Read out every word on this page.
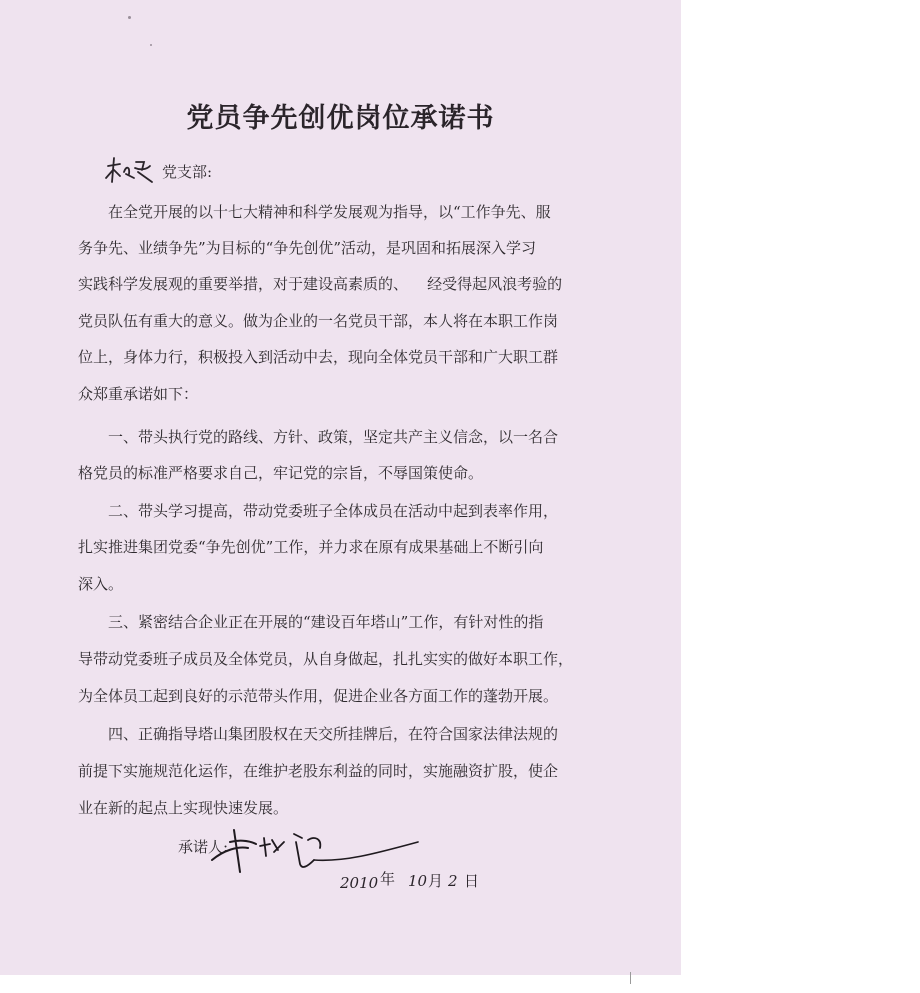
党员争先创优岗位承诺书
党支部:
在全党开展的以十七大精神和科学发展观为指导，以“工作争先、服
务争先、业绩争先”为目标的“争先创优”活动，是巩固和拓展深入学习
实践科学发展观的重要举措，对于建设高素质的、    经受得起风浪考验的
党员队伍有重大的意义。做为企业的一名党员干部，本人将在本职工作岗
位上，身体力行，积极投入到活动中去，现向全体党员干部和广大职工群
众郑重承诺如下：
一、带头执行党的路线、方针、政策，坚定共产主义信念，以一名合
格党员的标准严格要求自己，牢记党的宗旨，不辱国策使命。
二、带头学习提高，带动党委班子全体成员在活动中起到表率作用，
扎实推进集团党委“争先创优”工作，并力求在原有成果基础上不断引向
深入。
三、紧密结合企业正在开展的“建设百年塔山”工作，有针对性的指
导带动党委班子成员及全体党员，从自身做起，扎扎实实的做好本职工作，
为全体员工起到良好的示范带头作用，促进企业各方面工作的蓬勃开展。
四、正确指导塔山集团股权在天交所挂牌后，在符合国家法律法规的
前提下实施规范化运作，在维护老股东利益的同时，实施融资扩股，使企
业在新的起点上实现快速发展。
承诺人:
2010 年 10 月 2 日
